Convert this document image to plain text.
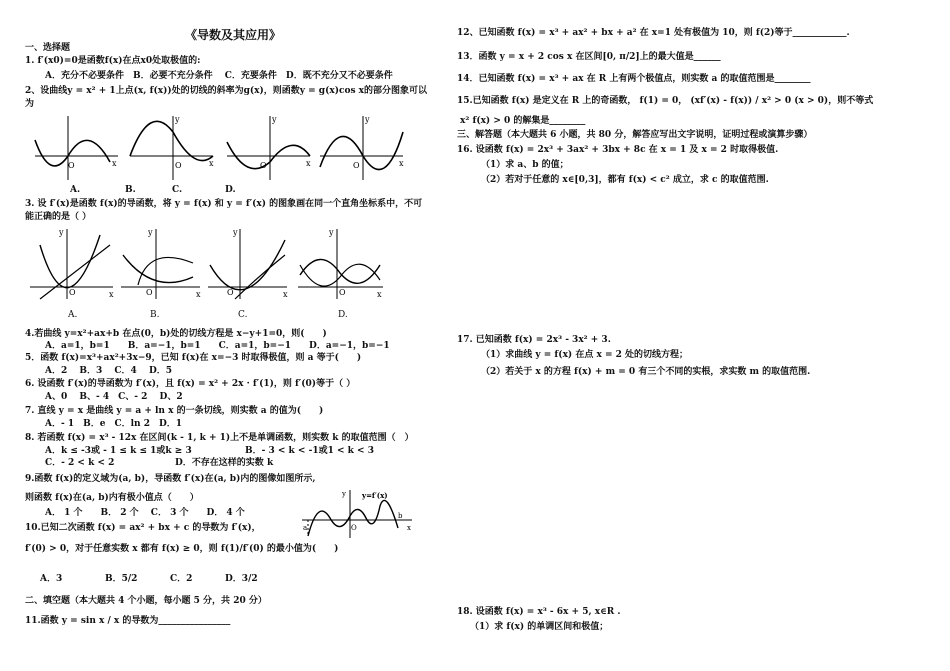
《导数及其应用》
一、选择题
1. f′(x0)=0是函数f(x)在点x0处取极值的:
A．充分不必要条件　B．必要不充分条件　 C．充要条件　D．既不充分又不必要条件
2、设曲线y = x² + 1上点(x, f(x))处的切线的斜率为g(x)，则函数y = g(x)cos x的部分图象可以
为
O	x	O	x
y
O	x
y
O	x
y
A.	B.	C.	D.
3. 设 f′(x)是函数 f(x)的导函数，将 y = f(x) 和 y = f′(x) 的图象画在同一个直角坐标系中，不可
能正确的是（ ）
O	x
y
O	x
y
O	x
y
O	x
y
A.	B.	C.	D.
4.若曲线 y=x²+ax+b 在点(0，b)处的切线方程是 x−y+1=0，则(　　)
A．a=1，b=1　　B．a=−1，b=1　　C．a=1，b=−1　　D．a=−1，b=−1
5．函数 f(x)=x³+ax²+3x−9，已知 f(x)在 x=−3 时取得极值，则 a 等于(　　)
A．2　 B．3　 C．4　 D．5
6. 设函数 f′(x)的导函数为 f′(x)，且 f(x) = x² + 2x · f′(1)，则 f′(0)等于（ ）
A、0　 B、- 4　C、- 2　 D、2
7. 直线 y = x 是曲线 y = a + ln x 的一条切线，则实数 a 的值为(　　)
A．- 1　B．e　C．ln 2　D．1
8. 若函数 f(x) = x³ - 12x 在区间(k - 1, k + 1)上不是单调函数，则实数 k 的取值范围（　）
A．k ≤ -3或 - 1 ≤ k ≤ 1或k ≥ 3	B．- 3 < k < -1或1 < k < 3
C．- 2 < k < 2	D．不存在这样的实数 k
9.函数 f(x)的定义域为(a, b)，导函数 f′(x)在(a, b)内的图像如图所示,
则函数 f(x)在(a, b)内有极小值点（　　）
A． 1 个　　B． 2 个　 C． 3 个　　D． 4 个
y=f′(x)
y
a	O
b
x
10.已知二次函数 f(x) = ax² + bx + c 的导数为 f′(x)，
f′(0) > 0，对于任意实数 x 都有 f(x) ≥ 0，则 f(1)/f′(0) 的最小值为(　　)
A．3	B．5/2	C．2	D．3/2
二、填空题（本大题共 4 个小题，每小题 5 分，共 20 分）
11.函数 y = sin x / x 的导数为________________
12、已知函数 f(x) = x³ + ax² + bx + a² 在 x=1 处有极值为 10，则 f(2)等于____________.
13．函数 y = x + 2 cos x 在区间[0, π/2]上的最大值是______
14．已知函数 f(x) = x³ + ax 在 R 上有两个极值点，则实数 a 的取值范围是________
15.已知函数 f(x) 是定义在 R 上的奇函数， f(1) = 0， (xf′(x) - f(x)) / x² > 0 (x > 0)，则不等式
x² f(x) > 0 的解集是________
三、解答题（本大题共 6 小题，共 80 分，解答应写出文字说明，证明过程或演算步骤）
16. 设函数 f(x) = 2x³ + 3ax² + 3bx + 8c 在 x = 1 及 x = 2 时取得极值.
（1）求 a、b 的值；
（2）若对于任意的 x∈[0,3]，都有 f(x) < c² 成立，求 c 的取值范围.
17. 已知函数 f(x) = 2x³ - 3x² + 3.
（1）求曲线 y = f(x) 在点 x = 2 处的切线方程；
（2）若关于 x 的方程 f(x) + m = 0 有三个不同的实根，求实数 m 的取值范围.
18. 设函数 f(x) = x³ - 6x + 5, x∈R .
（1）求 f(x) 的单调区间和极值；
